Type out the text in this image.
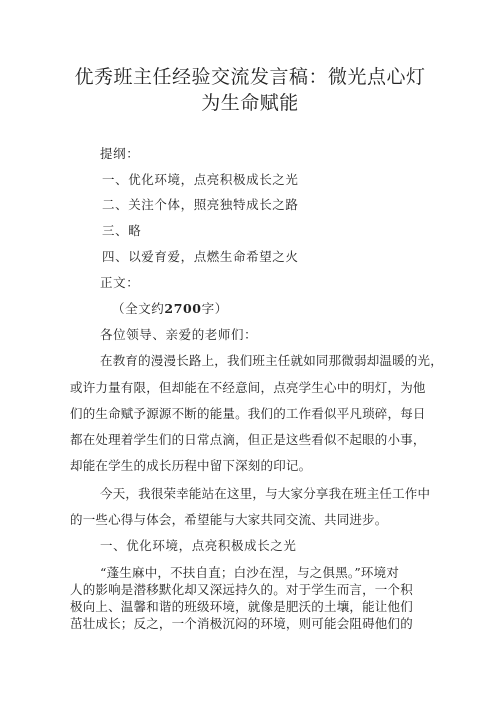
优秀班主任经验交流发言稿：微光点心灯
为生命赋能
提纲：
一、优化环境，点亮积极成长之光
二、关注个体，照亮独特成长之路
三、略
四、以爱育爱，点燃生命希望之火
正文：
（全文约2700字）
各位领导、亲爱的老师们：
在教育的漫漫长路上，我们班主任就如同那微弱却温暖的光，
或许力量有限，但却能在不经意间，点亮学生心中的明灯，为他
们的生命赋予源源不断的能量。我们的工作看似平凡琐碎，每日
都在处理着学生们的日常点滴，但正是这些看似不起眼的小事，
却能在学生的成长历程中留下深刻的印记。
今天，我很荣幸能站在这里，与大家分享我在班主任工作中
的一些心得与体会，希望能与大家共同交流、共同进步。
一、优化环境，点亮积极成长之光
“蓬生麻中，不扶自直；白沙在涅，与之俱黑。”环境对
人的影响是潜移默化却又深远持久的。对于学生而言，一个积
极向上、温馨和谐的班级环境，就像是肥沃的土壤，能让他们
茁壮成长；反之，一个消极沉闷的环境，则可能会阻碍他们的
